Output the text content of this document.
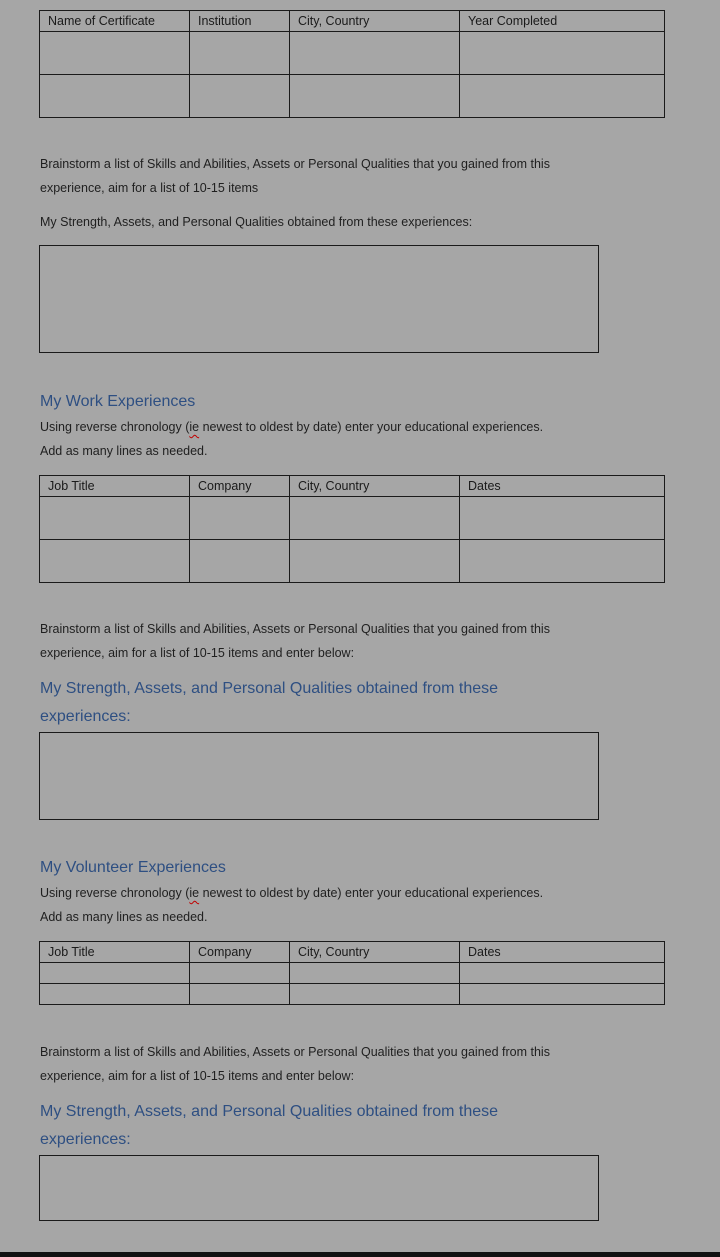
Name of Certificate	Institution	City, Country	Year Completed

Brainstorm a list of Skills and Abilities, Assets or Personal Qualities that you gained from this
experience, aim for a list of 10-15 items
My Strength, Assets, and Personal Qualities obtained from these experiences:
My Work Experiences
Using reverse chronology (ie newest to oldest by date) enter your educational experiences.
Add as many lines as needed.
Job Title	Company	City, Country	Dates

Brainstorm a list of Skills and Abilities, Assets or Personal Qualities that you gained from this
experience, aim for a list of 10-15 items and enter below:
My Strength, Assets, and Personal Qualities obtained from these
experiences:
My Volunteer Experiences
Using reverse chronology (ie newest to oldest by date) enter your educational experiences.
Add as many lines as needed.
Job Title	Company	City, Country	Dates

Brainstorm a list of Skills and Abilities, Assets or Personal Qualities that you gained from this
experience, aim for a list of 10-15 items and enter below:
My Strength, Assets, and Personal Qualities obtained from these
experiences:
